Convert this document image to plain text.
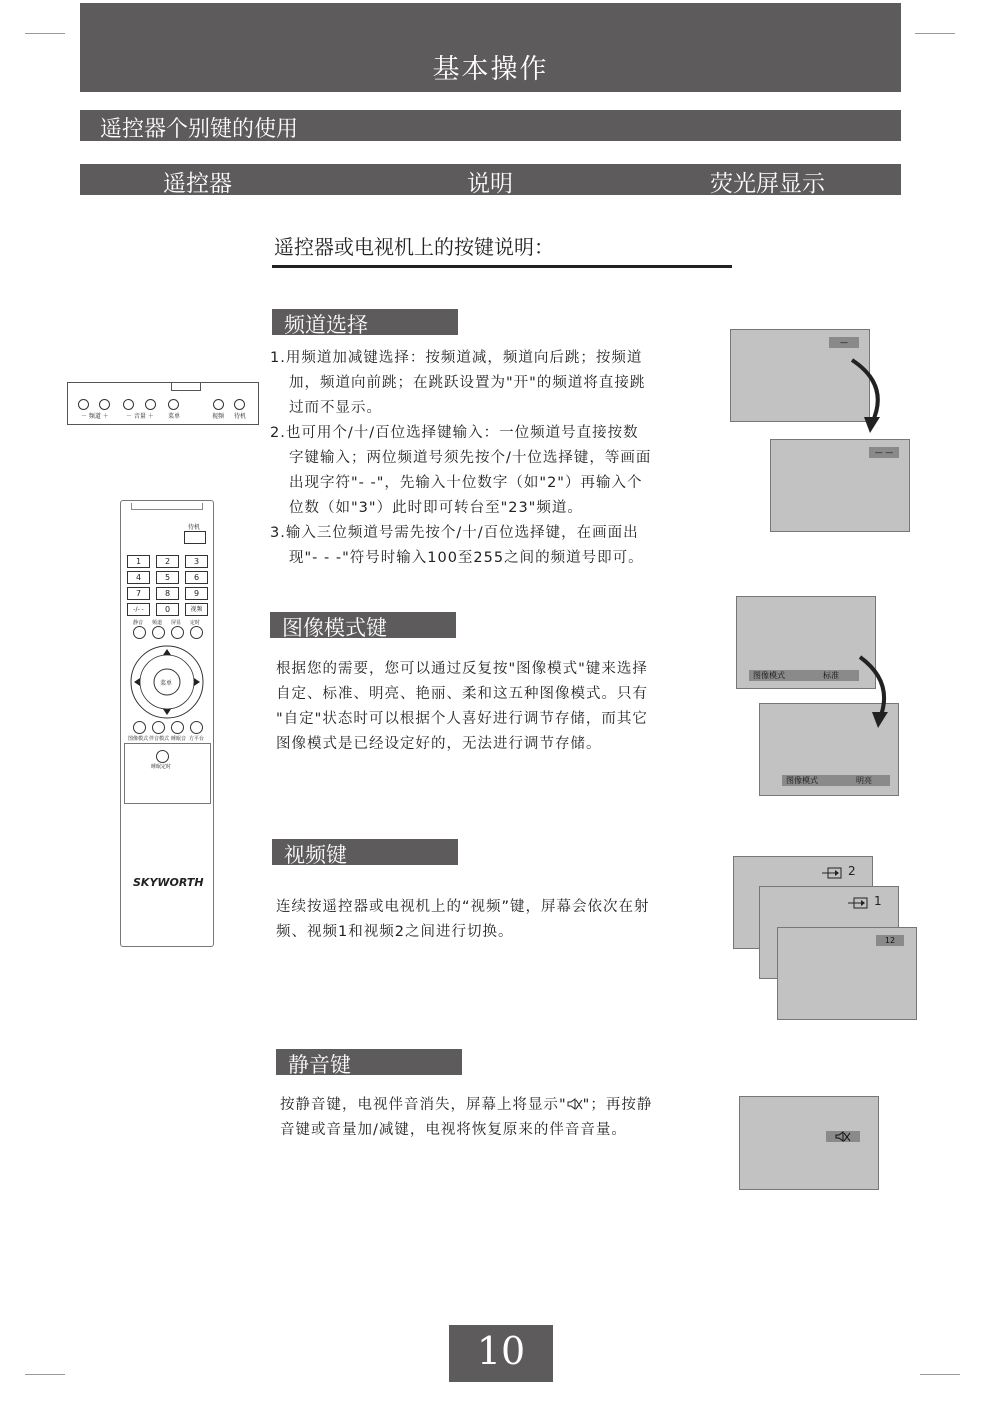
基本操作
遥控器个别键的使用
遥控器	说明	荧光屏显示
遥控器或电视机上的按键说明：
频道选择
1.用频道加减键选择：按频道减，频道向后跳；按频道
加，频道向前跳；在跳跃设置为"开"的频道将直接跳
过而不显示。
2.也可用个/十/百位选择键输入：一位频道号直接按数
字键输入；两位频道号须先按个/十位选择键，等画面
出现字符"- -"，先输入十位数字（如"2"）再输入个
位数（如"3"）此时即可转台至"23"频道。
3.输入三位频道号需先按个/十/百位选择键，在画面出
现"- - -"符号时输入100至255之间的频道号即可。
—
— —
－ 频道 ＋	－ 音量 ＋ 菜单	视频 待机
待机
1	2	3
4	5	6
7	8	9
-/- -	0	视频
静音 频道 屏显 定时
菜单
图像模式 伴音模式 睡眠音 方平台
睡眠定时
SKYWORTH
图像模式键
根据您的需要，您可以通过反复按"图像模式"键来选择
自定、标准、明亮、艳丽、柔和这五种图像模式。只有
"自定"状态时可以根据个人喜好进行调节存储，而其它
图像模式是已经设定好的，无法进行调节存储。
图像模式	标准
图像模式	明亮
视频键
连续按遥控器或电视机上的“视频”键，屏幕会依次在射
频、视频1和视频2之间进行切换。
2
1
12
静音键
按静音键，电视伴音消失，屏幕上将显示" "；再按静
音键或音量加/减键，电视将恢复原来的伴音音量。
10
